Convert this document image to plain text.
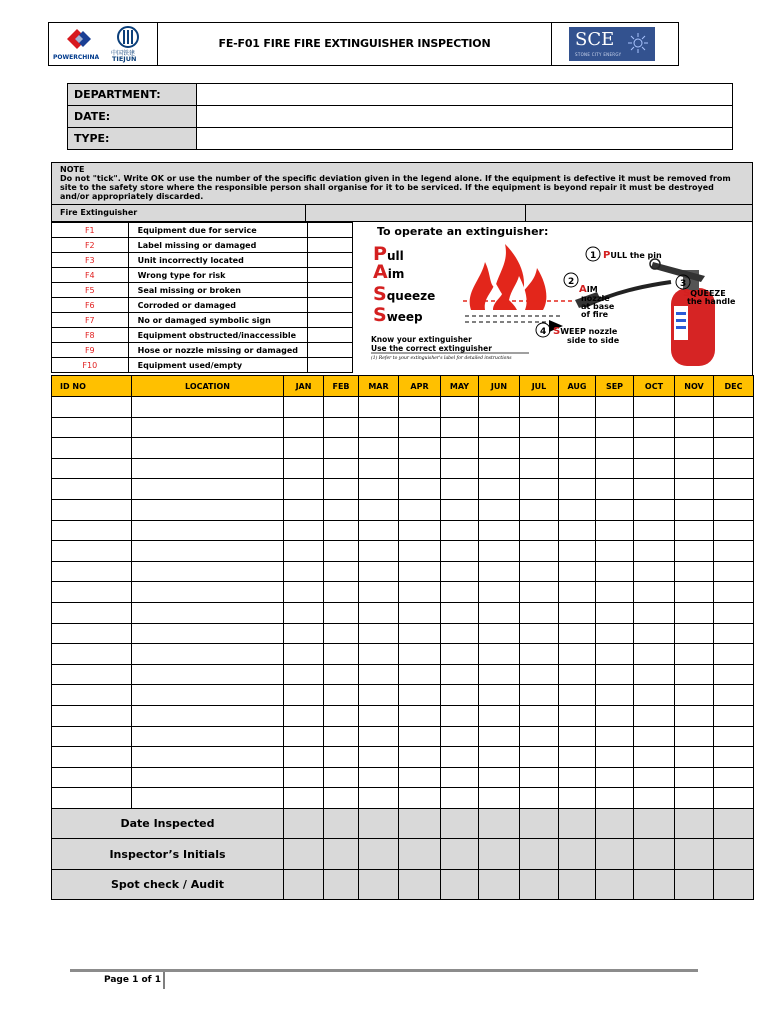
POWERCHINA
中国铁建
TIEJUN
FE-F01 FIRE FIRE EXTINGUISHER INSPECTION	SCE
STONE CITY ENERGY
DEPARTMENT:	
DATE:	
TYPE:	
NOTE
Do not "tick". Write OK or use the number of the specific deviation given in the legend alone. If the equipment is defective it must be removed from site to the safety store where the responsible person shall organise for it to be serviced. If the equipment is beyond repair it must be destroyed and/or appropriately discarded.
Fire Extinguisher
F1	Equipment due for service	
F2	Label missing or damaged	
F3	Unit incorrectly located	
F4	Wrong type for risk	
F5	Seal missing or broken	
F6	Corroded or damaged	
F7	No or damaged symbolic sign	
F8	Equipment obstructed/inaccessible	
F9	Hose or nozzle missing or damaged	
F10	Equipment used/empty	
To operate an extinguisher:
Pull
Aim
Squeeze
Sweep
1 PULL the pin
2
AIM
nozzle
at base
of fire
3
SQUEEZE
the handle
4 SWEEP nozzle
side to side
Know your extinguisher
Use the correct extinguisher
(1) Refer to your extinguisher's label for detailed instructions
ID NO	LOCATION	JAN	FEB	MAR	APR	MAY	JUN	JUL	AUG	SEP	OCT	NOV	DEC

Date Inspected													
Inspector’s Initials													
Spot check / Audit													
Page 1 of 1
